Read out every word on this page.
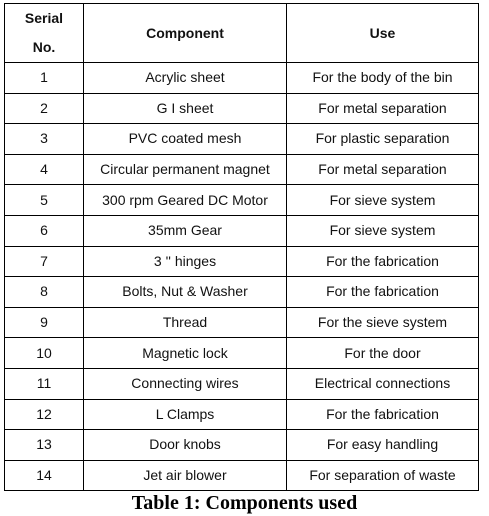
Serial
No.	Component	Use
1	Acrylic sheet	For the body of the bin
2	G I sheet	For metal separation
3	PVC coated mesh	For plastic separation
4	Circular permanent magnet	For metal separation
5	300 rpm Geared DC Motor	For sieve system
6	35mm Gear	For sieve system
7	3 '' hinges	For the fabrication
8	Bolts, Nut & Washer	For the fabrication
9	Thread	For the sieve system
10	Magnetic lock	For the door
11	Connecting wires	Electrical connections
12	L Clamps	For the fabrication
13	Door knobs	For easy handling
14	Jet air blower	For separation of waste
Table 1: Components used
